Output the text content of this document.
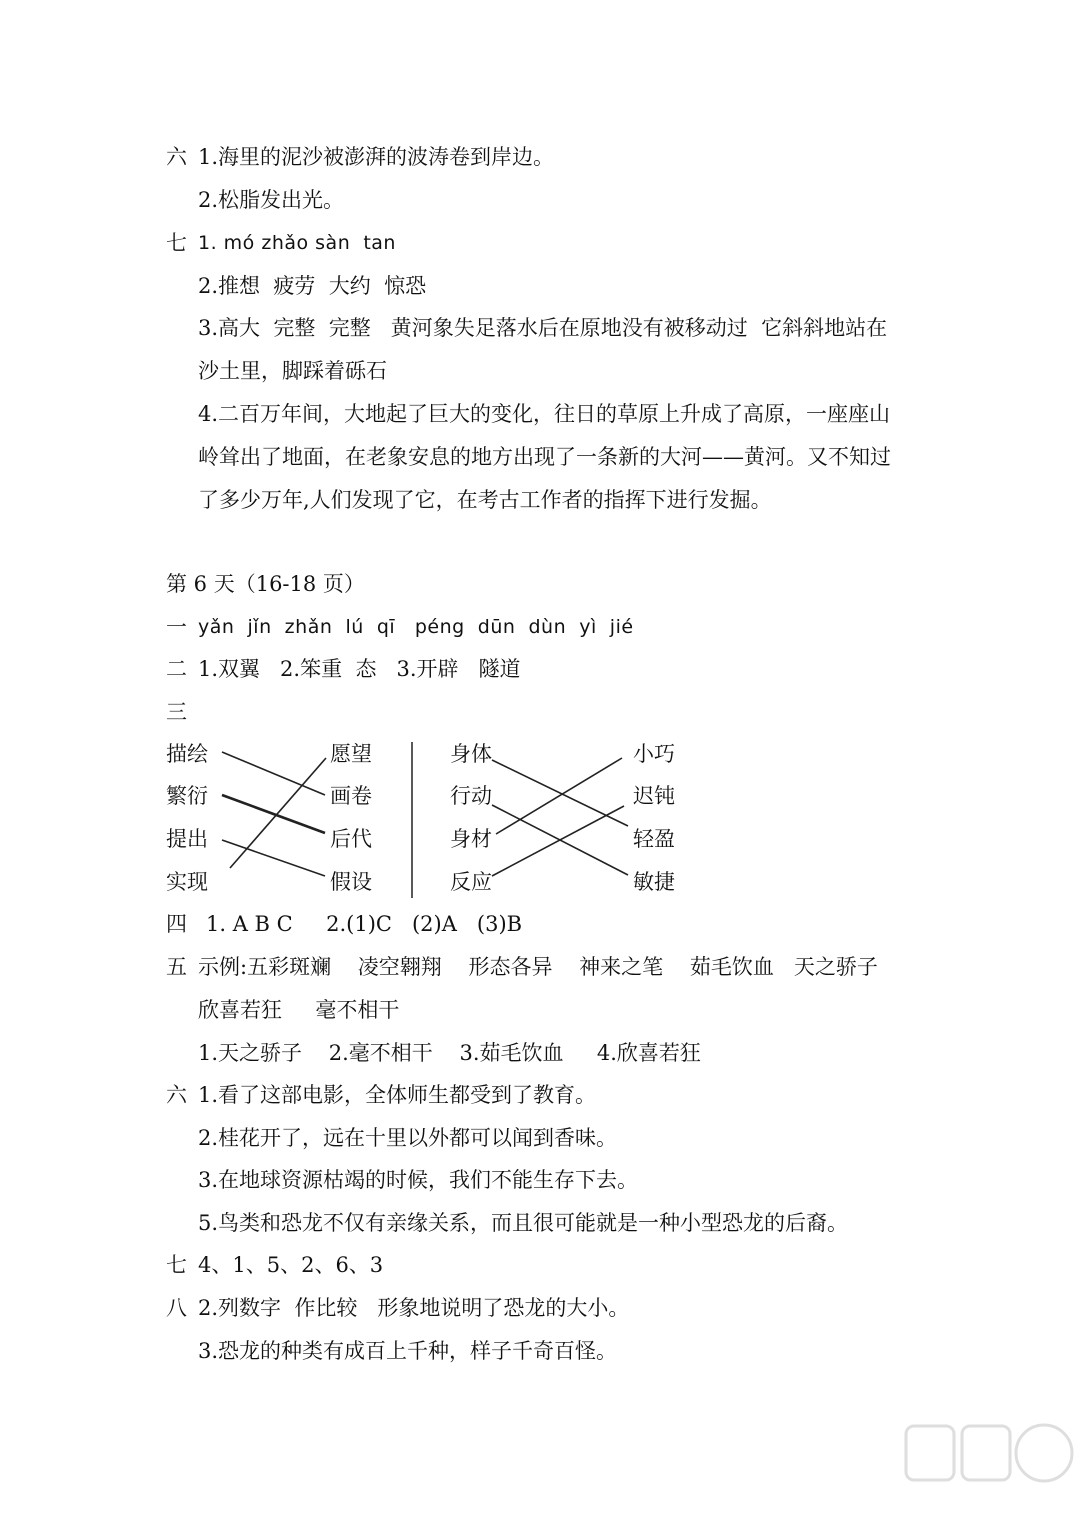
六 1.海里的泥沙被澎湃的波涛卷到岸边。
2.松脂发出光。
七 1. mó zhǎo sàn  tan
2.推想  疲劳  大约  惊恐
3.高大  完整  完整   黄河象失足落水后在原地没有被移动过  它斜斜地站在
沙土里，脚踩着砾石
4.二百万年间，大地起了巨大的变化，往日的草原上升成了高原，一座座山
岭耸出了地面，在老象安息的地方出现了一条新的大河——黄河。又不知过
了多少万年,人们发现了它，在考古工作者的指挥下进行发掘。
第 6 天（16-18 页）
一 yǎn  jǐn  zhǎn  lú  qī   péng  dūn  dùn  yì  jié
二 1.双翼   2.笨重  态   3.开辟   隧道
三
描绘
繁衍
提出
实现
愿望
画卷
后代
假设
身体
行动
身材
反应
小巧
迟钝
轻盈
敏捷
四 1. A B C     2.(1)C   (2)A   (3)B
五 示例:五彩斑斓    凌空翱翔    形态各异    神来之笔    茹毛饮血   天之骄子
欣喜若狂     毫不相干
1.天之骄子    2.毫不相干    3.茹毛饮血     4.欣喜若狂
六 1.看了这部电影，全体师生都受到了教育。
2.桂花开了，远在十里以外都可以闻到香味。
3.在地球资源枯竭的时候，我们不能生存下去。
5.鸟类和恐龙不仅有亲缘关系，而且很可能就是一种小型恐龙的后裔。
七 4、1、5、2、6、3
八 2.列数字  作比较   形象地说明了恐龙的大小。
3.恐龙的种类有成百上千种，样子千奇百怪。
